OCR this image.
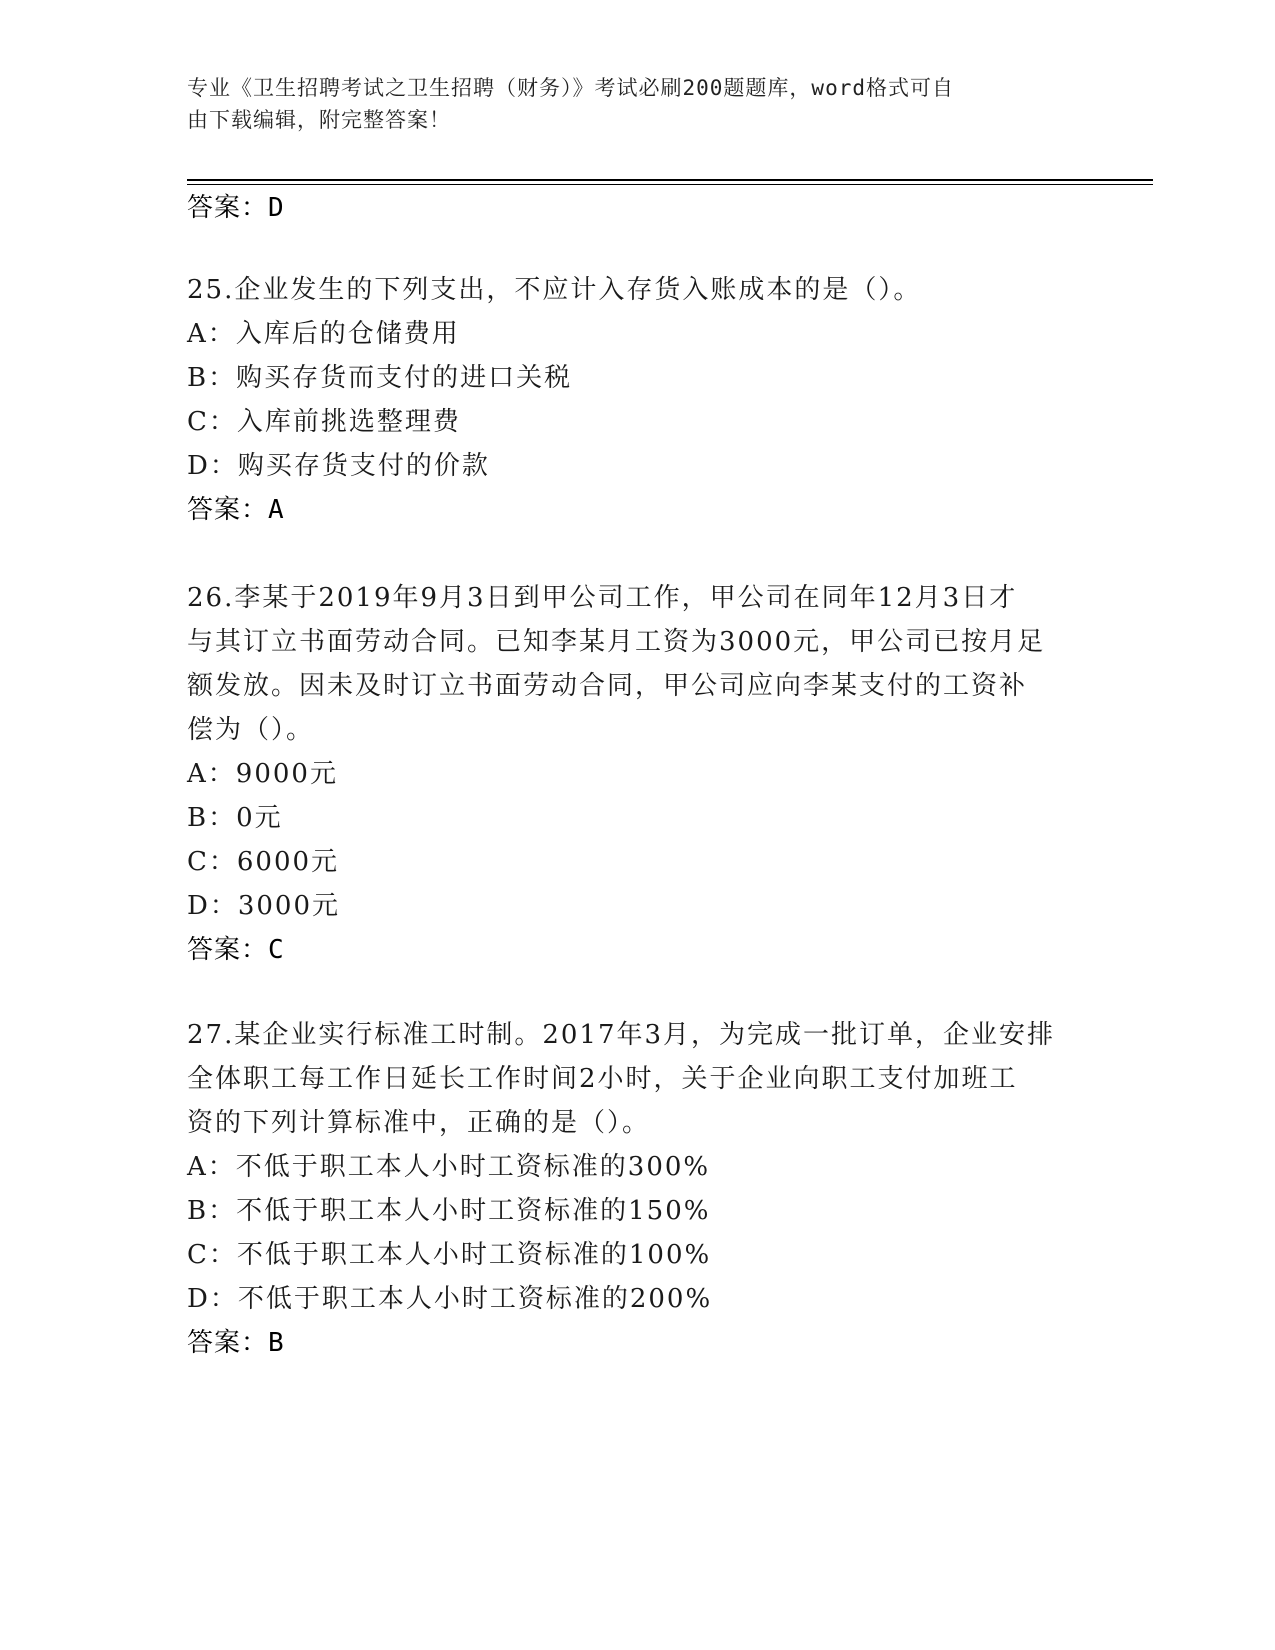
专业《卫生招聘考试之卫生招聘（财务）》考试必刷200题题库，word格式可自
由下载编辑，附完整答案！
答案：D
25.企业发生的下列支出，不应计入存货入账成本的是（）。
A：入库后的仓储费用
B：购买存货而支付的进口关税
C：入库前挑选整理费
D：购买存货支付的价款
答案：A
26.李某于2019年9月3日到甲公司工作，甲公司在同年12月3日才
与其订立书面劳动合同。已知李某月工资为3000元，甲公司已按月足
额发放。因未及时订立书面劳动合同，甲公司应向李某支付的工资补
偿为（）。
A：9000元
B：0元
C：6000元
D：3000元
答案：C
27.某企业实行标准工时制。2017年3月，为完成一批订单，企业安排
全体职工每工作日延长工作时间2小时，关于企业向职工支付加班工
资的下列计算标准中，正确的是（）。
A：不低于职工本人小时工资标准的300%
B：不低于职工本人小时工资标准的150%
C：不低于职工本人小时工资标准的100%
D：不低于职工本人小时工资标准的200%
答案：B
